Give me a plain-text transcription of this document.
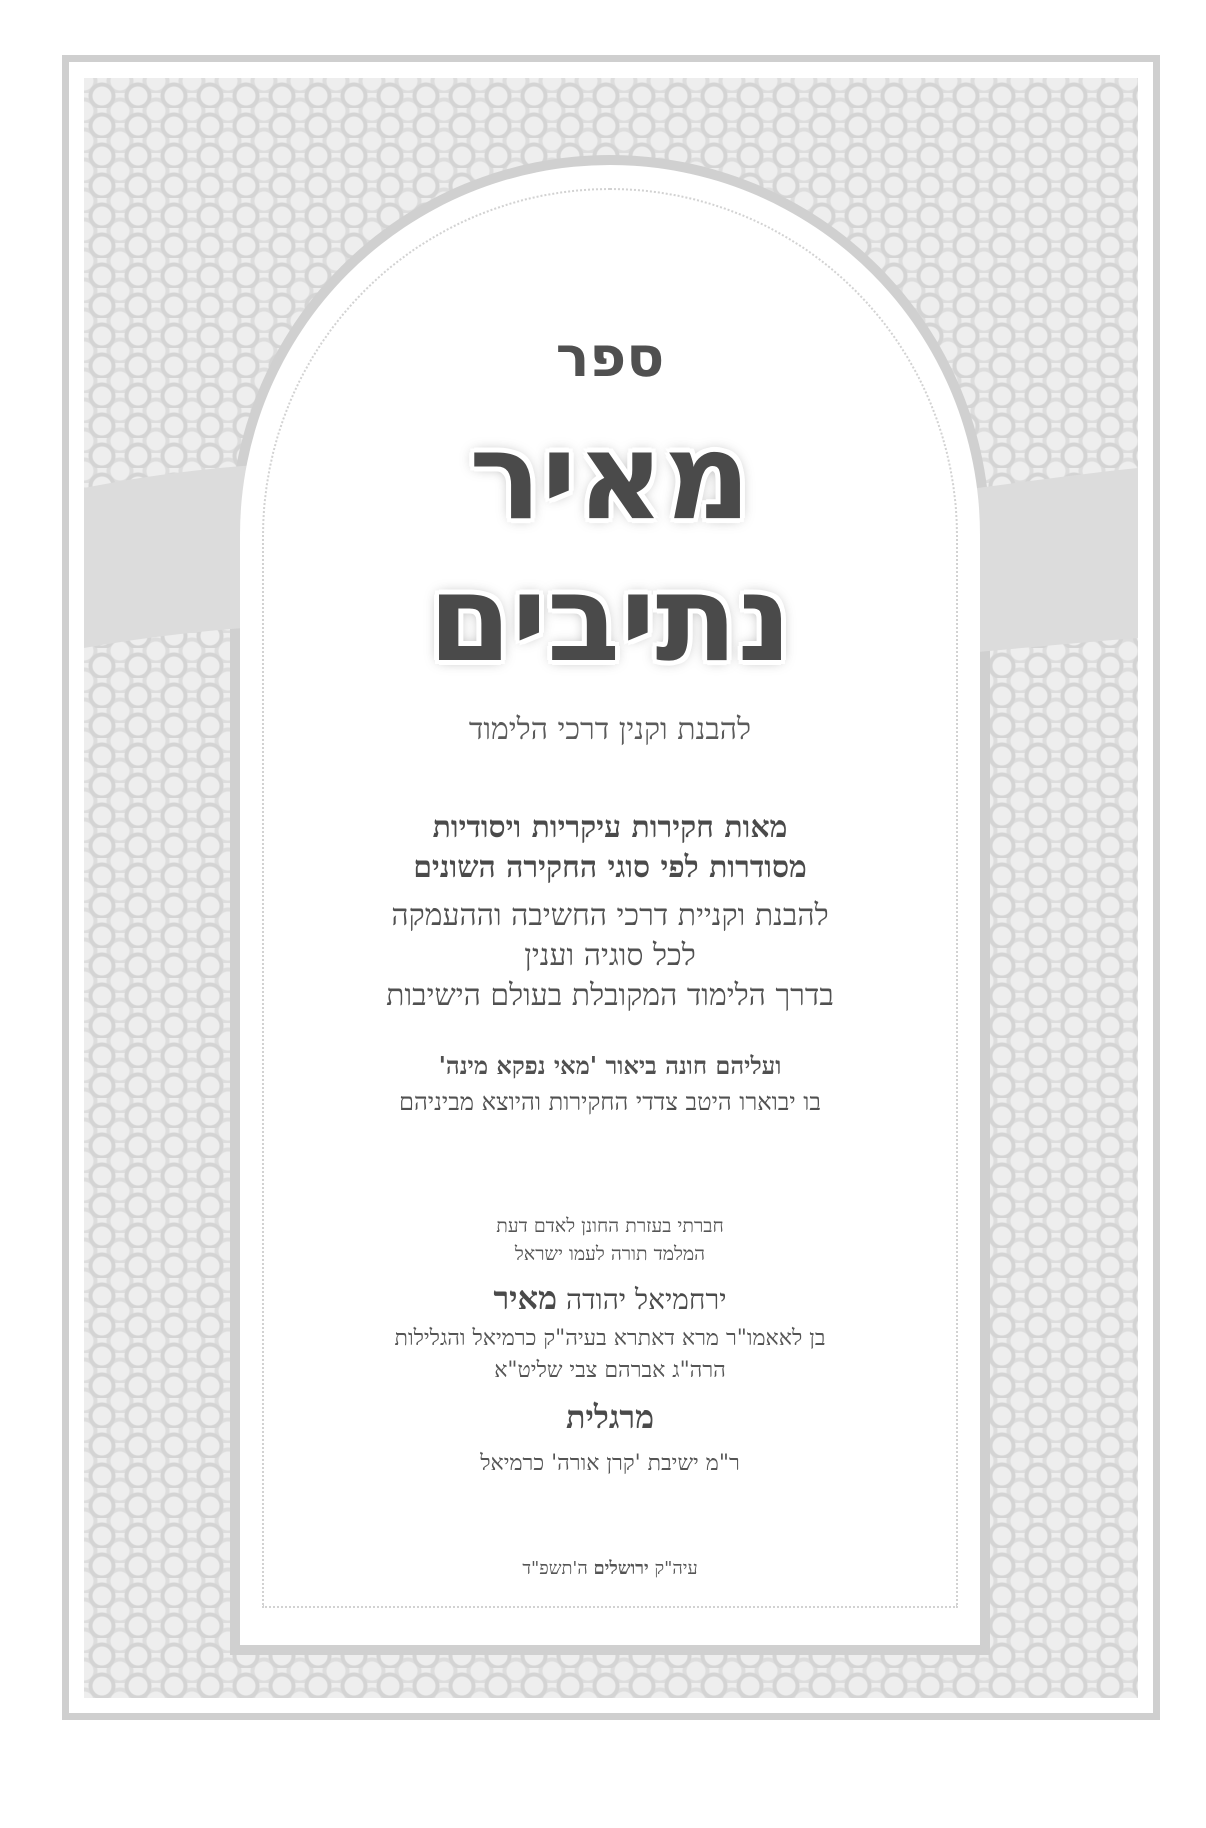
ספר
מאיר
נתיבים
להבנת וקנין דרכי הלימוד
מאות חקירות עיקריות ויסודיות
מסודרות לפי סוגי החקירה השונים
להבנת וקניית דרכי החשיבה וההעמקה
לכל סוגיה וענין
בדרך הלימוד המקובלת בעולם הישיבות
ועליהם חונה ביאור 'מאי נפקא מינה'
בו יבוארו היטב צדדי החקירות והיוצא מביניהם
חברתי בעזרת החונן לאדם דעת
המלמד תורה לעמו ישראל
ירחמיאל יהודה מאיר
בן לאאמו"ר מרא דאתרא בעיה"ק כרמיאל והגלילות
הרה"ג אברהם צבי שליט"א
מרגלית
ר"מ ישיבת 'קרן אורה' כרמיאל
עיה"ק ירושלים ה'תשפ"ד
